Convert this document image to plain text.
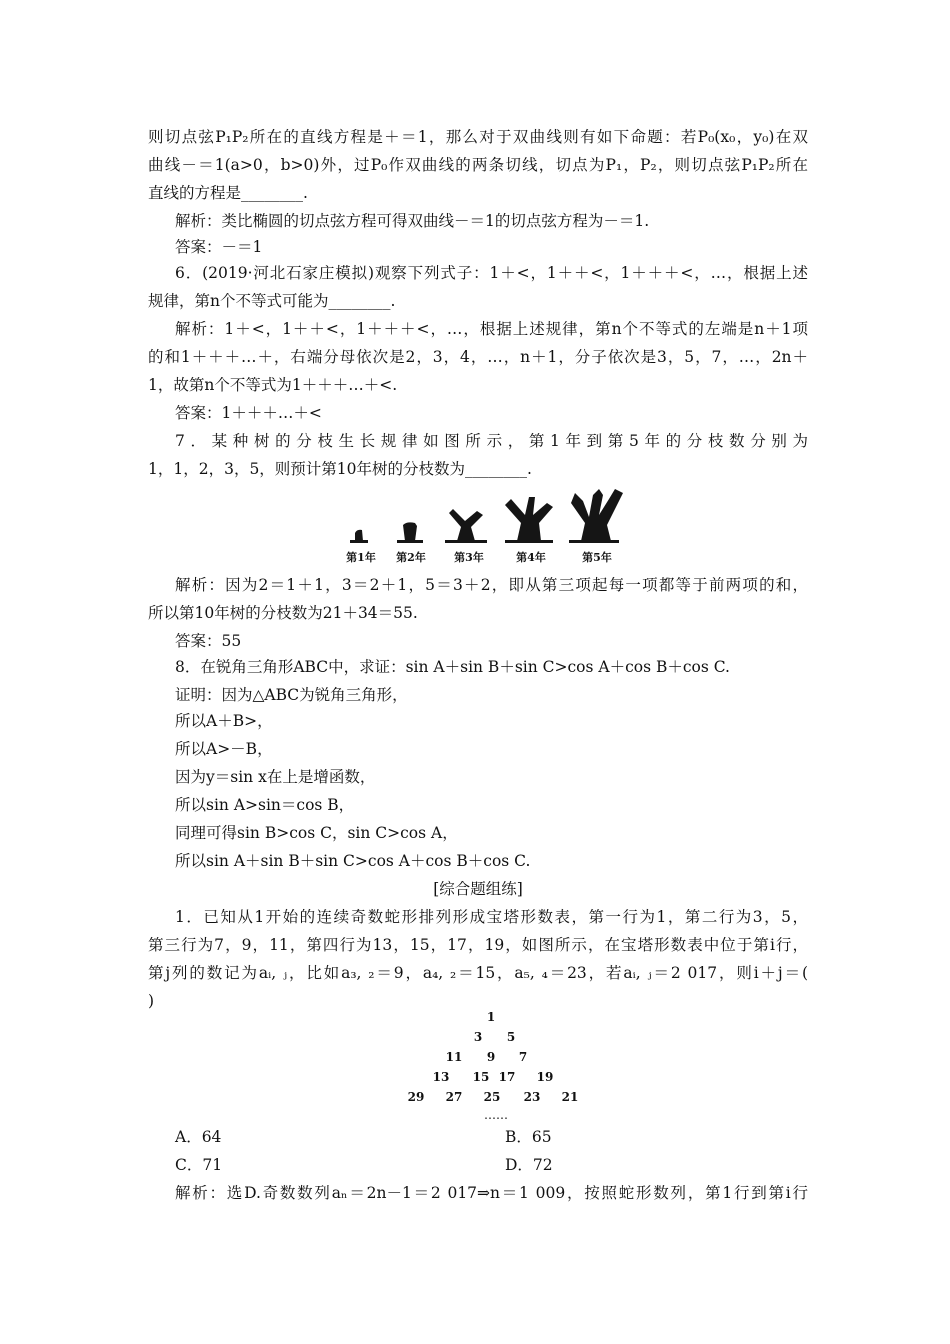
则切点弦P₁P₂所在的直线方程是＋＝1，那么对于双曲线则有如下命题：若P₀(x₀，y₀)在双
曲线－＝1(a>0，b>0)外，过P₀作双曲线的两条切线，切点为P₁，P₂，则切点弦P₁P₂所在
直线的方程是________.
解析：类比椭圆的切点弦方程可得双曲线－＝1的切点弦方程为－＝1.
答案：－＝1
6．(2019·河北石家庄模拟)观察下列式子：1＋<，1＋＋<，1＋＋＋<，…，根据上述
规律，第n个不等式可能为________.
解析：1＋<，1＋＋<，1＋＋＋<，…，根据上述规律，第n个不等式的左端是n＋1项
的和1＋＋＋…＋，右端分母依次是2，3，4，…，n＋1，分子依次是3，5，7，…，2n＋
1，故第n个不等式为1＋＋＋…＋<.
答案：1＋＋＋…＋<
7．某种树的分枝生长规律如图所示，第1年到第5年的分枝数分别为
1，1，2，3，5，则预计第10年树的分枝数为________.
解析：因为2＝1＋1，3＝2＋1，5＝3＋2，即从第三项起每一项都等于前两项的和，
所以第10年树的分枝数为21＋34＝55.
答案：55
8．在锐角三角形ABC中，求证：sin A＋sin B＋sin C>cos A＋cos B＋cos C.
证明：因为△ABC为锐角三角形，
所以A＋B>，
所以A>－B，
因为y＝sin x在上是增函数，
所以sin A>sin＝cos B，
同理可得sin B>cos C，sin C>cos A，
所以sin A＋sin B＋sin C>cos A＋cos B＋cos C.
1．已知从1开始的连续奇数蛇形排列形成宝塔形数表，第一行为1，第二行为3，5，
第三行为7，9，11，第四行为13，15，17，19，如图所示，在宝塔形数表中位于第i行，
第j列的数记为aᵢ, ⱼ，比如a₃, ₂＝9，a₄, ₂＝15，a₅, ₄＝23，若aᵢ, ⱼ＝2 017，则i＋j＝(
)
解析：选D.奇数数列aₙ＝2n－1＝2 017⇒n＝1 009，按照蛇形数列，第1行到第i行
[综合题组练]
第1年 第2年	第3年	第4年	第5年
1
3 5
11 9 7
13 15 17 19
29 27 25 23 21
……
A．64	B．65
C．71	D．72
